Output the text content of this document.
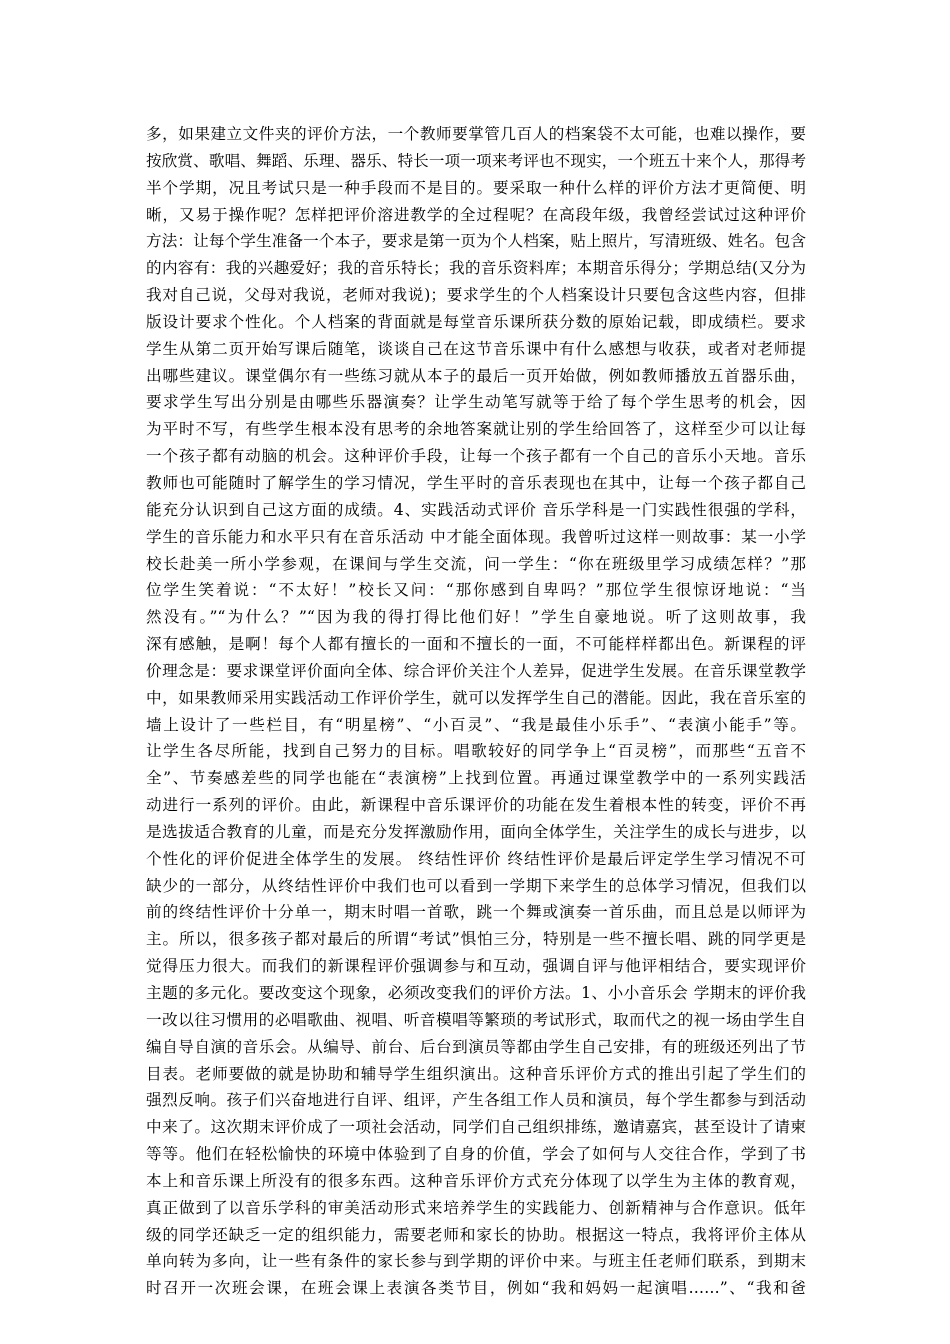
多，如果建立文件夹的评价方法，一个教师要掌管几百人的档案袋不太可能，也难以操作，要
按欣赏、歌唱、舞蹈、乐理、器乐、特长一项一项来考评也不现实，一个班五十来个人，那得考
半个学期，况且考试只是一种手段而不是目的。要采取一种什么样的评价方法才更简便、明
晰，又易于操作呢？怎样把评价溶进教学的全过程呢？在高段年级，我曾经尝试过这种评价
方法：让每个学生准备一个本子，要求是第一页为个人档案，贴上照片，写清班级、姓名。包含
的内容有：我的兴趣爱好；我的音乐特长；我的音乐资料库；本期音乐得分；学期总结(又分为
我对自己说，父母对我说，老师对我说)；要求学生的个人档案设计只要包含这些内容，但排
版设计要求个性化。个人档案的背面就是每堂音乐课所获分数的原始记载，即成绩栏。要求
学生从第二页开始写课后随笔，谈谈自己在这节音乐课中有什么感想与收获，或者对老师提
出哪些建议。课堂偶尔有一些练习就从本子的最后一页开始做，例如教师播放五首器乐曲，
要求学生写出分别是由哪些乐器演奏？让学生动笔写就等于给了每个学生思考的机会，因
为平时不写，有些学生根本没有思考的余地答案就让别的学生给回答了，这样至少可以让每
一个孩子都有动脑的机会。这种评价手段，让每一个孩子都有一个自己的音乐小天地。音乐
教师也可能随时了解学生的学习情况，学生平时的音乐表现也在其中，让每一个孩子都自己
能充分认识到自己这方面的成绩。4、实践活动式评价 音乐学科是一门实践性很强的学科，
学生的音乐能力和水平只有在音乐活动 中才能全面体现。我曾听过这样一则故事：某一小学
校长赴美一所小学参观，在课间与学生交流，问一学生：“你在班级里学习成绩怎样？”那
位学生笑着说：“不太好！”校长又问：“那你感到自卑吗？”那位学生很惊讶地说：“当
然没有。”“为什么？”“因为我的得打得比他们好！”学生自豪地说。听了这则故事，我
深有感触，是啊！每个人都有擅长的一面和不擅长的一面，不可能样样都出色。新课程的评
价理念是：要求课堂评价面向全体、综合评价关注个人差异，促进学生发展。在音乐课堂教学
中，如果教师采用实践活动工作评价学生，就可以发挥学生自己的潜能。因此，我在音乐室的
墙上设计了一些栏目，有“明星榜”、“小百灵”、“我是最佳小乐手”、“表演小能手”等。
让学生各尽所能，找到自己努力的目标。唱歌较好的同学争上“百灵榜”，而那些“五音不
全”、节奏感差些的同学也能在“表演榜”上找到位置。再通过课堂教学中的一系列实践活
动进行一系列的评价。由此，新课程中音乐课评价的功能在发生着根本性的转变，评价不再
是选拔适合教育的儿童，而是充分发挥激励作用，面向全体学生，关注学生的成长与进步，以
个性化的评价促进全体学生的发展。 终结性评价 终结性评价是最后评定学生学习情况不可
缺少的一部分，从终结性评价中我们也可以看到一学期下来学生的总体学习情况，但我们以
前的终结性评价十分单一，期末时唱一首歌，跳一个舞或演奏一首乐曲，而且总是以师评为
主。所以，很多孩子都对最后的所谓“考试”惧怕三分，特别是一些不擅长唱、跳的同学更是
觉得压力很大。而我们的新课程评价强调参与和互动，强调自评与他评相结合，要实现评价
主题的多元化。要改变这个现象，必须改变我们的评价方法。1、小小音乐会 学期末的评价我
一改以往习惯用的必唱歌曲、视唱、听音模唱等繁琐的考试形式，取而代之的视一场由学生自
编自导自演的音乐会。从编导、前台、后台到演员等都由学生自己安排，有的班级还列出了节
目表。老师要做的就是协助和辅导学生组织演出。这种音乐评价方式的推出引起了学生们的
强烈反响。孩子们兴奋地进行自评、组评，产生各组工作人员和演员，每个学生都参与到活动
中来了。这次期末评价成了一项社会活动，同学们自己组织排练，邀请嘉宾，甚至设计了请柬
等等。他们在轻松愉快的环境中体验到了自身的价值，学会了如何与人交往合作，学到了书
本上和音乐课上所没有的很多东西。这种音乐评价方式充分体现了以学生为主体的教育观，
真正做到了以音乐学科的审美活动形式来培养学生的实践能力、创新精神与合作意识。低年
级的同学还缺乏一定的组织能力，需要老师和家长的协助。根据这一特点，我将评价主体从
单向转为多向，让一些有条件的家长参与到学期的评价中来。与班主任老师们联系，到期末
时召开一次班会课，在班会课上表演各类节目，例如“我和妈妈一起演唱……”、“我和爸
